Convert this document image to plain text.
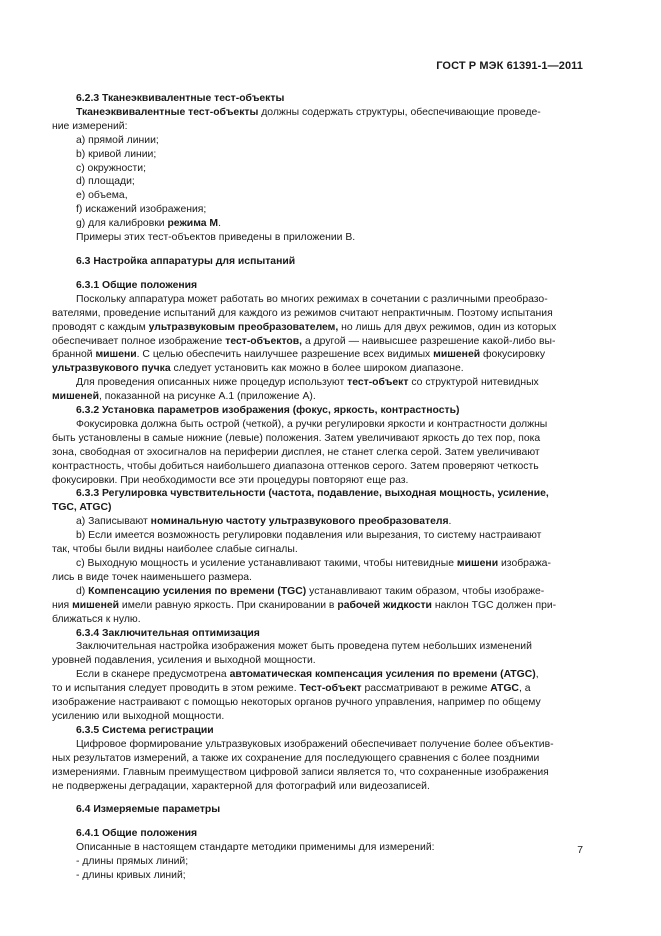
ГОСТ Р МЭК 61391-1—2011

6.2.3 Тканеэквивалентные тест-объекты

Тканеэквивалентные тест-объекты должны содержать структуры, обеспечивающие проведе-

ние измерений:

а) прямой линии;

b) кривой линии;

с) окружности;

d) площади;

е) объема,

f) искажений изображения;

g) для калибровки режима М.

Примеры этих тест-объектов приведены в приложении В.

6.3 Настройка аппаратуры для испытаний

6.3.1 Общие положения

Поскольку аппаратура может работать во многих режимах в сочетании с различными преобразо-

вателями, проведение испытаний для каждого из режимов считают непрактичным. Поэтому испытания

проводят с каждым ультразвуковым преобразователем, но лишь для двух режимов, один из которых

обеспечивает полное изображение тест-объектов, а другой — наивысшее разрешение какой-либо вы-

бранной мишени. С целью обеспечить наилучшее разрешение всех видимых мишеней фокусировку

ультразвукового пучка следует установить как можно в более широком диапазоне.

Для проведения описанных ниже процедур используют тест-объект со структурой нитевидных

мишеней, показанной на рисунке А.1 (приложение А).

6.3.2 Установка параметров изображения (фокус, яркость, контрастность)

Фокусировка должна быть острой (четкой), а ручки регулировки яркости и контрастности должны

быть установлены в самые нижние (левые) положения. Затем увеличивают яркость до тех пор, пока

зона, свободная от эхосигналов на периферии дисплея, не станет слегка серой. Затем увеличивают

контрастность, чтобы добиться наибольшего диапазона оттенков серого. Затем проверяют четкость

фокусировки. При необходимости все эти процедуры повторяют еще раз.

6.3.3 Регулировка чувствительности (частота, подавление, выходная мощность, усиление,

TGC, ATGC)

а) Записывают номинальную частоту ультразвукового преобразователя.

b) Если имеется возможность регулировки подавления или вырезания, то систему настраивают

так, чтобы были видны наиболее слабые сигналы.

с) Выходную мощность и усиление устанавливают такими, чтобы нитевидные мишени изобража-

лись в виде точек наименьшего размера.

d) Компенсацию усиления по времени (TGC) устанавливают таким образом, чтобы изображе-

ния мишеней имели равную яркость. При сканировании в рабочей жидкости наклон TGC должен при-

ближаться к нулю.

6.3.4 Заключительная оптимизация

Заключительная настройка изображения может быть проведена путем небольших изменений

уровней подавления, усиления и выходной мощности.

Если в сканере предусмотрена автоматическая компенсация усиления по времени (ATGC),

то и испытания следует проводить в этом режиме. Тест-объект рассматривают в режиме ATGC, а

изображение настраивают с помощью некоторых органов ручного управления, например по общему

усилению или выходной мощности.

6.3.5 Система регистрации

Цифровое формирование ультразвуковых изображений обеспечивает получение более объектив-

ных результатов измерений, а также их сохранение для последующего сравнения с более поздними

измерениями. Главным преимуществом цифровой записи является то, что сохраненные изображения

не подвержены деградации, характерной для фотографий или видеозаписей.

6.4 Измеряемые параметры

6.4.1 Общие положения

Описанные в настоящем стандарте методики применимы для измерений:

- длины прямых линий;

- длины кривых линий;

7
